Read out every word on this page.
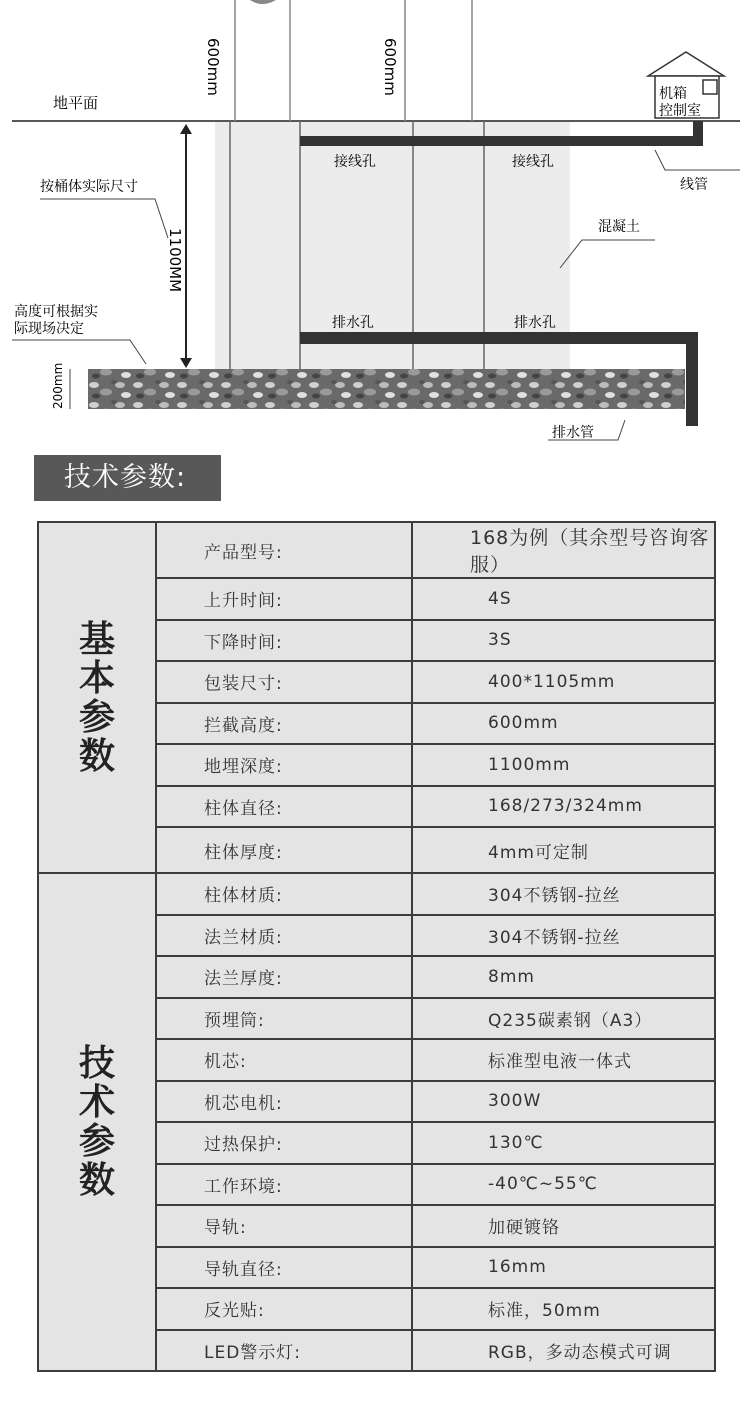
地平面
600mm	600mm
1100MM
200mm
按桶体实际尺寸
高度可根据实
际现场决定
接线孔	接线孔
排水孔	排水孔
混凝土
线管
排水管
机箱
控制室
技术参数:
基
本
参
数	产品型号:	168为例（其余型号咨询客服）
	上升时间:	4S
	下降时间:	3S
	包装尺寸:	400*1105mm
	拦截高度:	600mm
	地埋深度:	1100mm
	柱体直径:	168/273/324mm
	柱体厚度:	4mm可定制

技
术
参
数	柱体材质:	304不锈钢-拉丝
	法兰材质:	304不锈钢-拉丝
	法兰厚度:	8mm
	预埋筒:	Q235碳素钢（A3）
	机芯:	标准型电液一体式
	机芯电机:	300W
	过热保护:	130℃
	工作环境:	-40℃~55℃
	导轨:	加硬镀铬
	导轨直径:	16mm
	反光贴:	标准，50mm
	LED警示灯:	RGB，多动态模式可调
